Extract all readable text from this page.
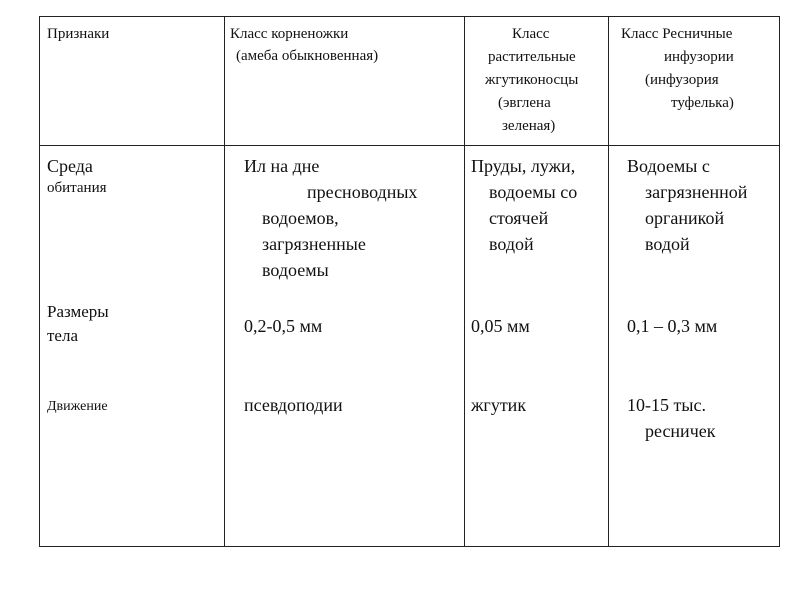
Признаки	Класс корненожки
(амеба обыкновенная)
Класс
растительные
жгутиконосцы
(эвглена
зеленая)
Класс Ресничные
инфузории
(инфузория
туфелька)
Среда
обитания
Размеры
тела
Движение
Ил на дне
пресноводных
водоемов,
загрязненные
водоемы
0,2-0,5 мм
псевдоподии
Пруды, лужи,
водоемы со
стоячей
водой
0,05 мм
жгутик
Водоемы с
загрязненной
органикой
водой
0,1 – 0,3 мм
10-15 тыс.
ресничек
